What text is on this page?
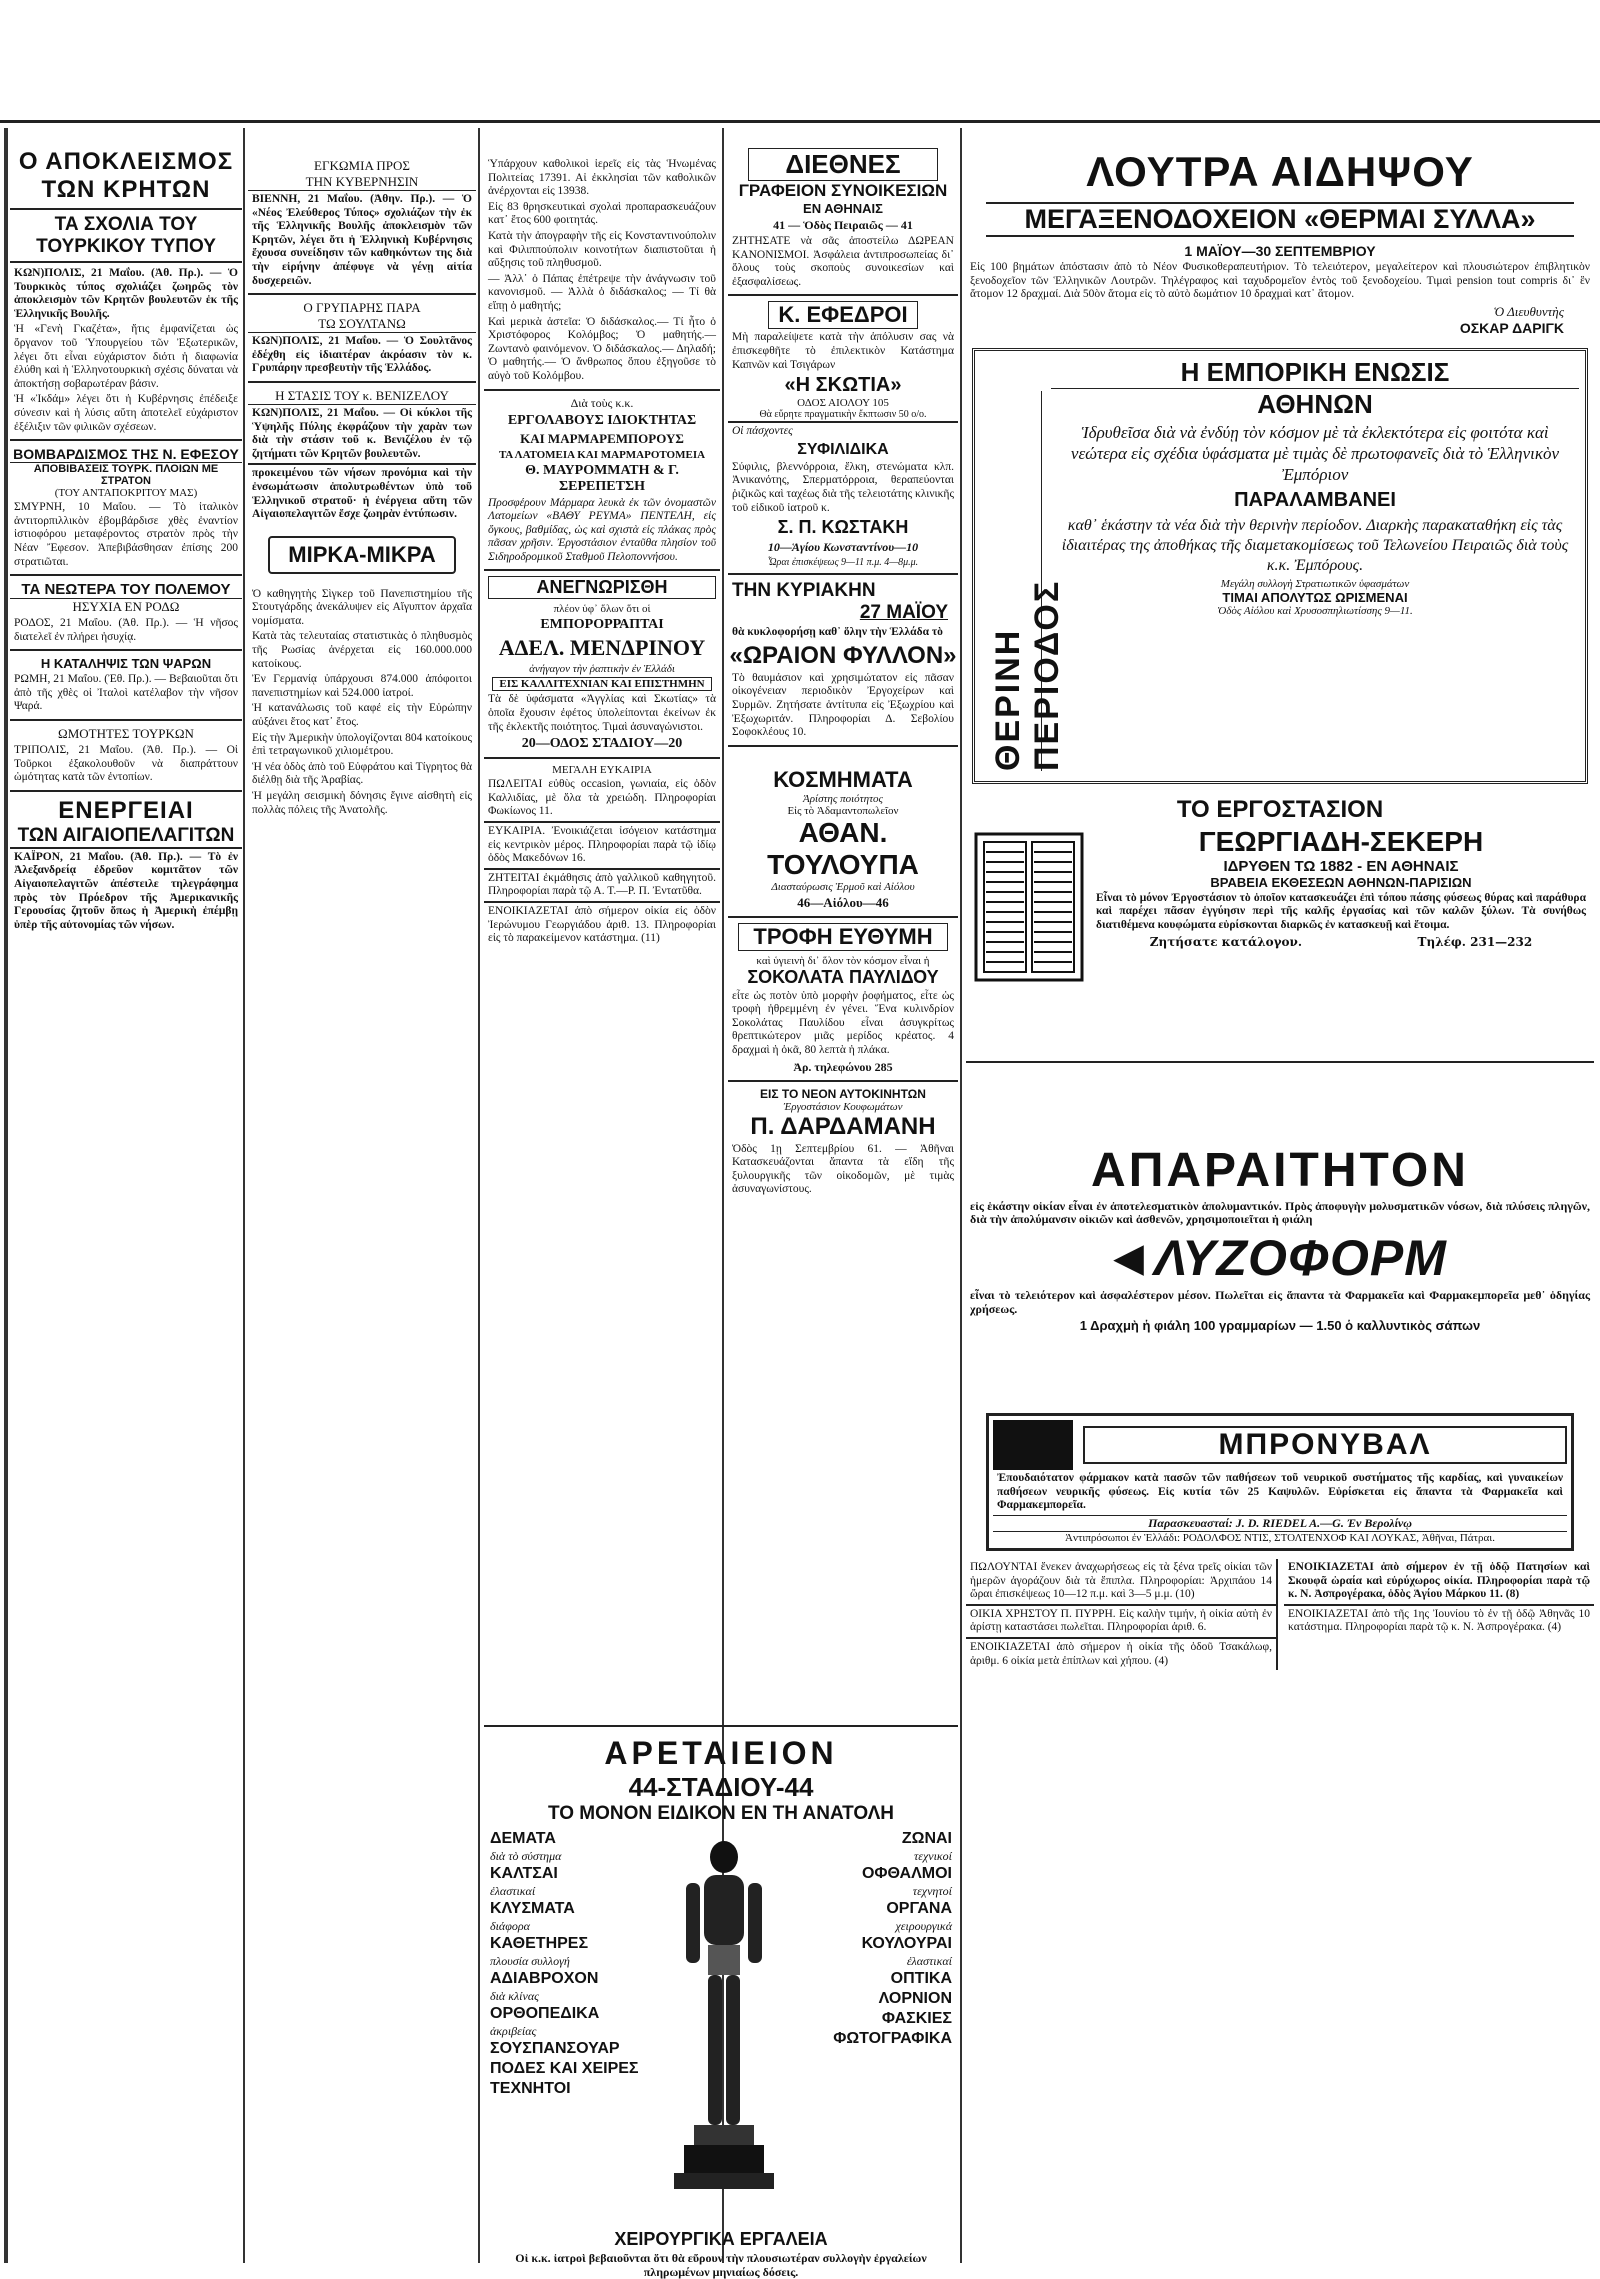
Ο ΑΠΟΚΛΕΙΣΜΟΣ ΤΩΝ ΚΡΗΤΩΝ
ΤΑ ΣΧΟΛΙΑ ΤΟΥ ΤΟΥΡΚΙΚΟΥ ΤΥΠΟΥ
ΚΩΝ)ΠΟΛΙΣ, 21 Μαΐου. (Ἀθ. Πρ.). — Ὁ Τουρκικὸς τύπος σχολιάζει ζωηρῶς τὸν ἀποκλεισμὸν τῶν Κρητῶν βουλευτῶν ἐκ τῆς Ἑλληνικῆς Βουλῆς.
Ἡ «Γενὴ Γκαζέτα», ἥτις ἐμφανίζεται ὡς ὄργανον τοῦ Ὑπουργείου τῶν Ἐξωτερικῶν, λέγει ὅτι εἶναι εὐχάριστον διότι ἡ διαφωνία ἐλύθη καὶ ἡ Ἑλληνοτουρκικὴ σχέσις δύναται νὰ ἀποκτήσῃ σοβαρωτέραν βάσιν.
Ἡ «Ἰκδάμ» λέγει ὅτι ἡ Κυβέρνησις ἐπέδειξε σύνεσιν καὶ ἡ λύσις αὕτη ἀποτελεῖ εὐχάριστον ἐξέλιξιν τῶν φιλικῶν σχέσεων.
ΒΟΜΒΑΡΔΙΣΜΟΣ ΤΗΣ Ν. ΕΦΕΣΟΥ
ΑΠΟΒΙΒΑΣΕΙΣ ΤΟΥΡΚ. ΠΛΟΙΩΝ ΜΕ ΣΤΡΑΤΟΝ
(ΤΟΥ ΑΝΤΑΠΟΚΡΙΤΟΥ ΜΑΣ)
ΣΜΥΡΝΗ, 10 Μαΐου. — Τὸ ἰταλικὸν ἀντιτορπιλλικὸν ἐβομβάρδισε χθὲς ἐναντίον ἱστιοφόρου μεταφέροντος στρατὸν πρὸς τὴν Νέαν Ἔφεσον. Ἀπεβιβάσθησαν ἐπίσης 200 στρατιῶται.
ΤΑ ΝΕΩΤΕΡΑ ΤΟΥ ΠΟΛΕΜΟΥ
ΗΣΥΧΙΑ ΕΝ ΡΟΔΩ
ΡΟΔΟΣ, 21 Μαΐου. (Ἀθ. Πρ.). — Ἡ νῆσος διατελεῖ ἐν πλήρει ἡσυχίᾳ.
Η ΚΑΤΑΛΗΨΙΣ ΤΩΝ ΨΑΡΩΝ
ΡΩΜΗ, 21 Μαΐου. (Ἐθ. Πρ.). — Βεβαιοῦται ὅτι ἀπὸ τῆς χθὲς οἱ Ἰταλοὶ κατέλαβον τὴν νῆσον Ψαρά.
ΩΜΟΤΗΤΕΣ ΤΟΥΡΚΩΝ
ΤΡΙΠΟΛΙΣ, 21 Μαΐου. (Ἀθ. Πρ.). — Οἱ Τοῦρκοι ἐξακολουθοῦν νὰ διαπράττουν ὠμότητας κατὰ τῶν ἐντοπίων.
ΕΝΕΡΓΕΙΑΙ
ΤΩΝ ΑΙΓΑΙΟΠΕΛΑΓΙΤΩΝ
ΚΑΪΡΟΝ, 21 Μαΐου. (Ἀθ. Πρ.). — Τὸ ἐν Ἀλεξανδρείᾳ ἐδρεῦον κομιτᾶτον τῶν Αἰγαιοπελαγιτῶν ἀπέστειλε τηλεγράφημα πρὸς τὸν Πρόεδρον τῆς Ἀμερικανικῆς Γερουσίας ζητοῦν ὅπως ἡ Ἀμερικὴ ἐπέμβῃ ὑπὲρ τῆς αὐτονομίας τῶν νήσων.
ΕΓΚΩΜΙΑ ΠΡΟΣ
ΤΗΝ ΚΥΒΕΡΝΗΣΙΝ
ΒΙΕΝΝΗ, 21 Μαΐου. (Ἀθην. Πρ.). — Ὁ «Νέος Ἐλεύθερος Τύπος» σχολιάζων τὴν ἐκ τῆς Ἑλληνικῆς Βουλῆς ἀποκλεισμὸν τῶν Κρητῶν, λέγει ὅτι ἡ Ἑλληνικὴ Κυβέρνησις ἔχουσα συνείδησιν τῶν καθηκόντων της διὰ τὴν εἰρήνην ἀπέφυγε νὰ γένῃ αἰτία δυσχερειῶν.
Ο ΓΡΥΠΑΡΗΣ ΠΑΡΑ
ΤΩ ΣΟΥΛΤΑΝΩ
ΚΩΝ)ΠΟΛΙΣ, 21 Μαΐου. — Ὁ Σουλτᾶνος ἐδέχθη εἰς ἰδιαιτέραν ἀκρόασιν τὸν κ. Γρυπάρην πρεσβευτὴν τῆς Ἑλλάδος.
Η ΣΤΑΣΙΣ ΤΟΥ κ. ΒΕΝΙΖΕΛΟΥ
ΚΩΝ)ΠΟΛΙΣ, 21 Μαΐου. — Οἱ κύκλοι τῆς Ὑψηλῆς Πύλης ἐκφράζουν τὴν χαρὰν των διὰ τὴν στάσιν τοῦ κ. Βενιζέλου ἐν τῷ ζητήματι τῶν Κρητῶν βουλευτῶν.
προκειμένου τῶν νήσων προνόμια καὶ τὴν ἐνσωμάτωσιν ἀπολυτρωθέντων ὑπὸ τοῦ Ἑλληνικοῦ στρατοῦ· ἡ ἐνέργεια αὕτη τῶν Αἰγαιοπελαγιτῶν ἔσχε ζωηρὰν ἐντύπωσιν.
ΜΙΡΚΑ-ΜΙΚΡΑ
Ὁ καθηγητὴς Σὶγκερ τοῦ Πανεπιστημίου τῆς Στουτγάρδης ἀνεκάλυψεν εἰς Αἴγυπτον ἀρχαῖα νομίσματα.
Κατὰ τὰς τελευταίας στατιστικὰς ὁ πληθυσμὸς τῆς Ρωσίας ἀνέρχεται εἰς 160.000.000 κατοίκους.
Ἐν Γερμανίᾳ ὑπάρχουσι 874.000 ἀπόφοιτοι πανεπιστημίων καὶ 524.000 ἰατροί.
Ἡ κατανάλωσις τοῦ καφέ εἰς τὴν Εὐρώπην αὐξάνει ἔτος κατ᾿ ἔτος.
Εἰς τὴν Ἀμερικὴν ὑπολογίζονται 804 κατοίκους ἐπὶ τετραγωνικοῦ χιλιομέτρου.
Ἡ νέα ὁδὸς ἀπὸ τοῦ Εὐφράτου καὶ Τίγρητος θὰ διέλθῃ διὰ τῆς Ἀραβίας.
Ἡ μεγάλη σεισμικὴ δόνησις ἔγινε αἰσθητὴ εἰς πολλὰς πόλεις τῆς Ἀνατολῆς.
Ὑπάρχουν καθολικοὶ ἱερεῖς εἰς τὰς Ἡνωμένας Πολιτείας 17391. Αἱ ἐκκλησίαι τῶν καθολικῶν ἀνέρχονται εἰς 13938.
Εἰς 83 θρησκευτικαὶ σχολαὶ προπαρασκευάζουν κατ᾿ ἔτος 600 φοιτητάς.
Κατὰ τὴν ἀπογραφὴν τῆς εἰς Κονσταντινούπολιν καὶ Φιλιππούπολιν κοινοτήτων διαπιστοῦται ἡ αὔξησις τοῦ πληθυσμοῦ.
— Ἀλλ᾿ ὁ Πάπας ἐπέτρεψε τὴν ἀνάγνωσιν τοῦ κανονισμοῦ. — Ἀλλὰ ὁ διδάσκαλος; — Τί θὰ εἴπῃ ὁ μαθητής;
Καὶ μερικὰ ἀστεῖα: Ὁ διδάσκαλος.— Τί ἦτο ὁ Χριστόφορος Κολόμβος; Ὁ μαθητής.— Ζωντανὸ φαινόμενον. Ὁ διδάσκαλος.— Δηλαδή; Ὁ μαθητής.— Ὁ ἄνθρωπος ὅπου ἐξηγοῦσε τὸ αὐγὸ τοῦ Κολόμβου.
Διὰ τοὺς κ.κ.
ΕΡΓΟΛΑΒΟΥΣ ΙΔΙΟΚΤΗΤΑΣ
ΚΑΙ ΜΑΡΜΑΡΕΜΠΟΡΟΥΣ
ΤΑ ΛΑΤΟΜΕΙΑ ΚΑΙ ΜΑΡΜΑΡΟΤΟΜΕΙΑ
Θ. ΜΑΥΡΟΜΜΑΤΗ & Γ. ΣΕΡΕΠΕΤΣΗ
Προσφέρουν Μάρμαρα λευκὰ ἐκ τῶν ὀνομαστῶν Λατομείων «ΒΑΘΥ ΡΕΥΜΑ» ΠΕΝΤΕΛΗ, εἰς ὄγκους, βαθμίδας, ὡς καὶ σχιστὰ εἰς πλάκας πρὸς πᾶσαν χρῆσιν. Ἐργοστάσιον ἐνταῦθα πλησίον τοῦ Σιδηροδρομικοῦ Σταθμοῦ Πελοποννήσου.
ΑΝΕΓΝΩΡΙΣΘΗ
πλέον ὑφ᾿ ὅλων ὅτι οἱ
ΕΜΠΟΡΟΡΡΑΠΤΑΙ
ΑΔΕΛ. ΜΕΝΔΡΙΝΟΥ
ἀνήγαγον τὴν ῥαπτικὴν ἐν Ἑλλάδι
ΕΙΣ ΚΑΛΛΙΤΕΧΝΙΑΝ ΚΑΙ ΕΠΙΣΤΗΜΗΝ
Τὰ δὲ ὑφάσματα «Ἀγγλίας καὶ Σκωτίας» τὰ ὁποῖα ἔχουσιν ἐφέτος ὑπολείπονται ἐκείνων ἐκ τῆς ἐκλεκτῆς ποιότητος. Τιμαὶ ἀσυναγώνιστοι.
20—ΟΔΟΣ ΣΤΑΔΙΟΥ—20
ΜΕΓΑΛΗ ΕΥΚΑΙΡΙΑ
ΠΩΛΕΙΤΑΙ εὐθὺς occasion, γωνιαία, εἰς ὁδὸν Καλλιδίας, μὲ ὅλα τὰ χρειώδη. Πληροφορίαι Φωκίωνος 11.
ΕΥΚΑΙΡΙΑ. Ἐνοικιάζεται ἰσόγειον κατάστημα εἰς κεντρικὸν μέρος. Πληροφορίαι παρὰ τῷ ἰδίῳ ὁδὸς Μακεδόνων 16.
ΖΗΤΕΙΤΑΙ ἐκμάθησις ἀπὸ γαλλικοῦ καθηγητοῦ. Πληροφορίαι παρὰ τῷ Α. Τ.—Ρ. Π. Ἐντατῦθα.
ΕΝΟΙΚΙΑΖΕΤΑΙ ἀπὸ σήμερον οἰκία εἰς ὁδὸν Ἰερώνυμου Γεωργιάδου ἀριθ. 13. Πληροφορίαι εἰς τὸ παρακείμενον κατάστημα. (11)
ΔΙΕΘΝΕΣ
ΓΡΑΦΕΙΟΝ ΣΥΝΟΙΚΕΣΙΩΝ
ΕΝ ΑΘΗΝΑΙΣ
41 — Ὁδὸς Πειραιῶς — 41
ΖΗΤΗΣΑΤΕ νὰ σᾶς ἀποστείλω ΔΩΡΕΑΝ ΚΑΝΟΝΙΣΜΟΙ. Ἀσφάλεια ἀντιπροσωπείας δι᾿ ὅλους τοὺς σκοποὺς συνοικεσίων καὶ ἐξασφαλίσεως.
Κ. ΕΦΕΔΡΟΙ
Μὴ παραλείψετε κατὰ τὴν ἀπόλυσιν σας νὰ ἐπισκεφθῆτε τὸ ἐπιλεκτικὸν Κατάστημα Καπνῶν καὶ Τσιγάρων
«Η ΣΚΩΤΙΑ»
ΟΔΟΣ ΑΙΟΛΟΥ 105
Θὰ εὕρητε πραγματικὴν ἔκπτωσιν 50 ο/ο.
Οἱ πάσχοντες
ΣΥΦΙΛΙΔΙΚΑ
Σύφιλις, βλεννόρροια, ἕλκη, στενώματα κλπ. Ἀνικανότης, Σπερματόρροια, θεραπεύονται ῥιζικῶς καὶ ταχέως διὰ τῆς τελειοτάτης κλινικῆς τοῦ εἰδικοῦ ἰατροῦ κ.
Σ. Π. ΚΩΣΤΑΚΗ
10—Ἁγίου Κωνσταντίνου—10
Ὧραι ἐπισκέψεως 9—11 π.μ. 4—8μ.μ.
ΤΗΝ ΚΥΡΙΑΚΗΝ
27 ΜΑΪΟΥ
θὰ κυκλοφορήσῃ καθ᾿ ὅλην τὴν Ἑλλάδα τὸ
«ΩΡΑΙΟΝ ΦΥΛΛΟΝ»
Τὸ θαυμάσιον καὶ χρησιμώτατον εἰς πᾶσαν οἰκογένειαν περιοδικὸν Ἐργοχείρων καὶ Συρμῶν. Ζητήσατε ἀντίτυπα εἰς Ἐξωχρίου καὶ Ἐξωχωριτάν. Πληροφορίαι Δ. Σεβολίου Σοφοκλέους 10.
ΚΟΣΜΗΜΑΤΑ
Ἀρίστης ποιότητος
Εἰς τὸ Ἀδαμαντοπωλεῖον
ΑΘΑΝ. ΤΟΥΛΟΥΠΑ
Διασταύρωσις Ἑρμοῦ καὶ Αἰόλου
46—Αἰόλου—46
ΤΡΟΦΗ ΕΥΘΥΜΗ
καὶ ὑγιεινὴ δι᾿ ὅλον τὸν κόσμον εἶναι ἡ
ΣΟΚΟΛΑΤΑ ΠΑΥΛΙΔΟΥ
εἶτε ὡς ποτὸν ὑπὸ μορφὴν ῥοφήματος, εἶτε ὡς τροφὴ ἠθρεμμένη ἐν γένει. Ἕνα κυλινδρίον Σοκολάτας Παυλίδου εἶναι ἀσυγκρίτως θρεπτικώτερον μιᾶς μερίδος κρέατος. 4 δραχμαὶ ἡ ὀκᾶ, 80 λεπτὰ ἡ πλάκα.
Ἀρ. τηλεφώνου 285
ΕΙΣ ΤΟ ΝΕΟΝ ΑΥΤΟΚΙΝΗΤΩΝ
Ἐργοστάσιον Κουφωμάτων
Π. ΔΑΡΔΑΜΑΝΗ
Ὁδὸς 1ῃ Σεπτεμβρίου 61. — Ἀθῆναι Κατασκευάζονται ἅπαντα τὰ εἴδη τῆς ξυλουργικῆς τῶν οἰκοδομῶν, μὲ τιμὰς ἀσυναγωνίστους.
ΑΡΕΤΑΙΕΙΟΝ
44-ΣΤΑΔΙΟΥ-44
ΤΟ ΜΟΝΟΝ ΕΙΔΙΚΟΝ ΕΝ ΤΗ ΑΝΑΤΟΛΗ
ΔΕΜΑΤΑ
διὰ τὸ σύστημα
ΚΑΛΤΣΑΙ
ἐλαστικαί
ΚΛΥΣΜΑΤΑ
διάφορα
ΚΑΘΕΤΗΡΕΣ
πλουσία συλλογή
ΑΔΙΑΒΡΟΧΟΝ
διὰ κλίνας
ΟΡΘΟΠΕΔΙΚΑ
ἀκριβείας
ΣΟΥΣΠΑΝΣΟΥΑΡ
ΠΟΔΕΣ ΚΑΙ ΧΕΙΡΕΣ
ΤΕΧΝΗΤΟΙ
ΖΩΝΑΙ
τεχνικοί
ΟΦΘΑΛΜΟΙ
τεχνητοί
ΟΡΓΑΝΑ
χειρουργικά
ΚΟΥΛΟΥΡΑΙ
ἐλαστικαί
ΟΠΤΙΚΑ
ΛΟΡΝΙΟΝ
ΦΑΣΚΙΕΣ
ΦΩΤΟΓΡΑΦΙΚΑ
ΧΕΙΡΟΥΡΓΙΚΑ ΕΡΓΑΛΕΙΑ
Οἱ κ.κ. ἰατροὶ βεβαιοῦνται ὅτι θὰ εὕρουν τὴν πλουσιωτέραν συλλογὴν ἐργαλείων πληρωμένων μηνιαίως δόσεις.
ΛΟΥΤΡΑ ΑΙΔΗΨΟΥ
ΜΕΓΑΞΕΝΟΔΟΧΕΙΟΝ «ΘΕΡΜΑΙ ΣΥΛΛΑ»
1 ΜΑΪΟΥ—30 ΣΕΠΤΕΜΒΡΙΟΥ
Εἰς 100 βημάτων ἀπόστασιν ἀπὸ τὸ Νέον Φυσικοθεραπευτήριον. Τὸ τελειότερον, μεγαλείτερον καὶ πλουσιώτερον ἐπιβλητικὸν ξενοδοχεῖον τῶν Ἑλληνικῶν Λουτρῶν. Τηλέγραφος καὶ ταχυδρομεῖον ἐντὸς τοῦ ξενοδοχείου. Τιμαὶ pension tout compris δι᾿ ἓν ἄτομον 12 δραχμαί. Διὰ 50ὸν ἄτομα εἰς τὸ αὐτὸ δωμάτιον 10 δραχμαὶ κατ᾿ ἄτομον.
Ὁ Διευθυντὴς
ΟΣΚΑΡ ΔΑΡΙΓΚ
ΘΕΡΙΝΗ ΠΕΡΙΟΔΟΣ
Η ΕΜΠΟΡΙΚΗ ΕΝΩΣΙΣ
ΑΘΗΝΩΝ
Ἱδρυθεῖσα διὰ νὰ ἐνδύῃ τὸν κόσμον μὲ τὰ ἐκλεκτότερα εἰς φοιτότα καὶ νεώτερα εἰς σχέδια ὑφάσματα μὲ τιμὰς δὲ πρωτοφανεῖς διὰ τὸ Ἑλληνικὸν Ἐμπόριον
ΠΑΡΑΛΑΜΒΑΝΕΙ
καθ᾿ ἑκάστην τὰ νέα διὰ τὴν θερινὴν περίοδον. Διαρκὴς παρακαταθήκη εἰς τὰς ἰδιαιτέρας της ἀποθήκας τῆς διαμετακομίσεως τοῦ Τελωνείου Πειραιῶς διὰ τοὺς κ.κ. Ἐμπόρους.
Μεγάλη συλλογὴ Στρατιωτικῶν ὑφασμάτων
ΤΙΜΑΙ ΑΠΟΛΥΤΩΣ ΩΡΙΣΜΕΝΑΙ
Ὁδὸς Αἰόλου καὶ Χρυσοσπηλιωτίσσης 9—11.
ΤΟ ΕΡΓΟΣΤΑΣΙΟΝ
ΓΕΩΡΓΙΑΔΗ-ΣΕΚΕΡΗ
ΙΔΡΥΘΕΝ ΤΩ 1882 - ΕΝ ΑΘΗΝΑΙΣ
ΒΡΑΒΕΙΑ ΕΚΘΕΣΕΩΝ ΑΘΗΝΩΝ-ΠΑΡΙΣΙΩΝ
Εἶναι τὸ μόνον Ἐργοστάσιον τὸ ὁποῖον κατασκευάζει ἐπὶ τόπου πάσης φύσεως θύρας καὶ παράθυρα καὶ παρέχει πᾶσαν ἐγγύησιν περὶ τῆς καλῆς ἐργασίας καὶ τῶν καλῶν ξύλων. Τὰ συνήθως διατιθέμενα κουφώματα εὑρίσκονται διαρκῶς ἐν κατασκευῇ καὶ ἕτοιμα.
Ζητήσατε κατάλογον.	Τηλέφ. 231—232
ΑΠΑΡΑΙΤΗΤΟΝ
εἰς ἑκάστην οἰκίαν εἶναι ἐν ἀποτελεσματικὸν ἀπολυμαντικόν. Πρὸς ἀποφυγὴν μολυσματικῶν νόσων, διὰ πλύσεις πληγῶν, διὰ τὴν ἀπολύμανσιν οἰκιῶν καὶ ἀσθενῶν, χρησιμοποιεῖται ἡ φιάλη
◀ ΛΥΖΟΦΟΡΜ
εἶναι τὸ τελειότερον καὶ ἀσφαλέστερον μέσον. Πωλεῖται εἰς ἅπαντα τὰ Φαρμακεῖα καὶ Φαρμακεμπορεῖα μεθ᾿ ὁδηγίας χρήσεως.
1 Δραχμὴ ἡ φιάλη 100 γραμμαρίων — 1.50 ὁ καλλυντικὸς σάπων
ΜΠΡΟΝΥΒΑΛ
Ἐπουδαιότατον φάρμακον κατὰ πασῶν τῶν παθήσεων τοῦ νευρικοῦ συστήματος τῆς καρδίας, καὶ γυναικείων παθήσεων νευρικῆς φύσεως. Εἰς κυτία τῶν 25 Καψυλῶν. Εὑρίσκεται εἰς ἅπαντα τὰ Φαρμακεῖα καὶ Φαρμακεμπορεῖα.
Παρασκευασταί: J. D. RIEDEL A.—G. Ἐν Βερολίνῳ
Ἀντιπρόσωποι ἐν Ἑλλάδι: ΡΟΔΟΛΦΟΣ ΝΤΙΣ, ΣΤΟΛΤΕΝΧΟΦ ΚΑΙ ΛΟΥΚΑΣ, Ἀθῆναι, Πάτραι.
ΠΩΛΟΥΝΤΑΙ ἕνεκεν ἀναχωρήσεως εἰς τὰ ξένα τρεῖς οἰκίαι τῶν ἡμερῶν ἀγοράζουν διὰ τὰ ἔπιπλα. Πληροφορίαι: Ἀρχιπάου 14 ὥραι ἐπισκέψεως 10—12 π.μ. καὶ 3—5 μ.μ. (10)
ΟΙΚΙΑ ΧΡΗΣΤΟΥ Π. ΠΥΡΡΗ. Εἰς καλὴν τιμήν, ἡ οἰκία αὐτὴ ἐν ἀρίστῃ καταστάσει πωλεῖται. Πληροφορίαι ἀριθ. 6.
ΕΝΟΙΚΙΑΖΕΤΑΙ ἀπὸ σήμερον ἡ οἰκία τῆς ὁδοῦ Τσακάλωφ, ἀριθμ. 6 οἰκία μετὰ ἐπίπλων καὶ χήπου. (4)
ΕΝΟΙΚΙΑΖΕΤΑΙ ἀπὸ σήμερον ἐν τῇ ὁδῷ Πατησίων καὶ Σκουφᾶ ὡραία καὶ εὐρύχωρος οἰκία. Πληροφορίαι παρὰ τῷ κ. Ν. Ἀσπρογέρακα, ὁδὸς Ἁγίου Μάρκου 11. (8)
ΕΝΟΙΚΙΑΖΕΤΑΙ ἀπὸ τῆς 1ης Ἰουνίου τὸ ἐν τῇ ὁδῷ Ἀθηνᾶς 10 κατάστημα. Πληροφορίαι παρὰ τῷ κ. Ν. Ἀσπρογέρακα. (4)
